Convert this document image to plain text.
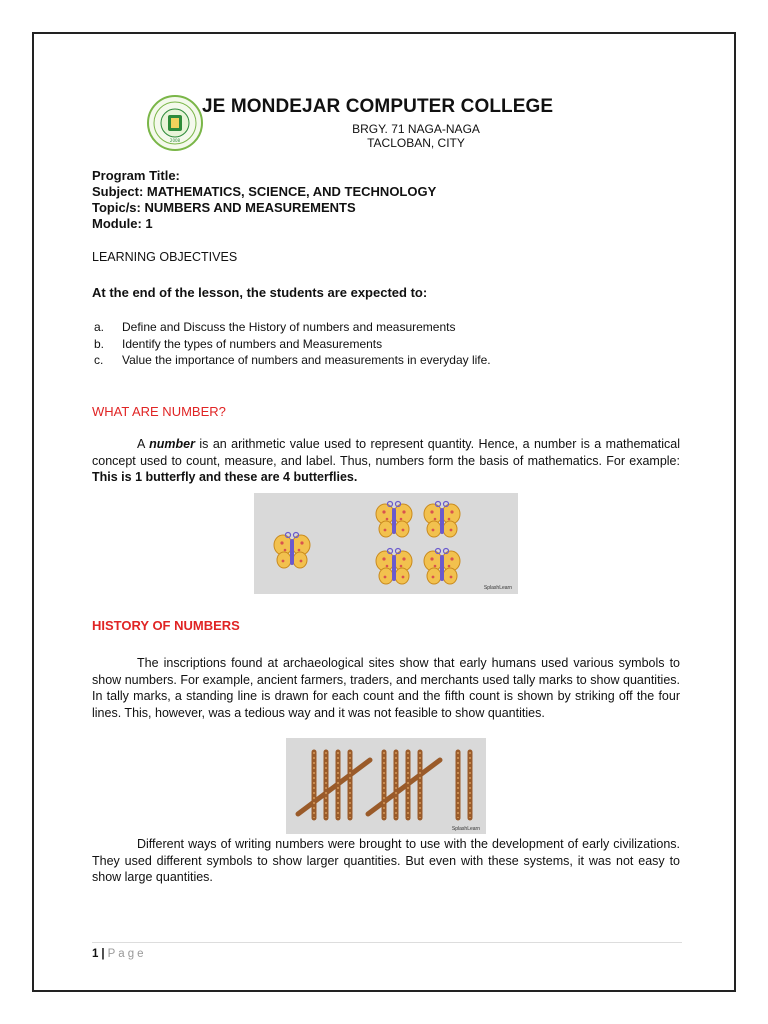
2008
JE MONDEJAR COMPUTER COLLEGE
BRGY. 71 NAGA-NAGA
TACLOBAN, CITY
Program Title:
Subject: MATHEMATICS, SCIENCE, AND TECHNOLOGY
Topic/s: NUMBERS AND MEASUREMENTS
Module: 1
LEARNING OBJECTIVES
At the end of the lesson, the students are expected to:
a. Define and Discuss the History of numbers and measurements
b. Identify the types of numbers and Measurements
c. Value the importance of numbers and measurements in everyday life.
WHAT ARE NUMBER?
A number is an arithmetic value used to represent quantity. Hence, a number is a mathematical concept used to count, measure, and label. Thus, numbers form the basis of mathematics. For example: This is 1 butterfly and these are 4 butterflies.
SplashLearn
HISTORY OF NUMBERS
The inscriptions found at archaeological sites show that early humans used various symbols to show numbers. For example, ancient farmers, traders, and merchants used tally marks to show quantities. In tally marks, a standing line is drawn for each count and the fifth count is shown by striking off the four lines. This, however, was a tedious way and it was not feasible to show quantities.
SplashLearn
Different ways of writing numbers were brought to use with the development of early civilizations. They used different symbols to show larger quantities. But even with these systems, it was not easy to show large quantities.
1 | Page
